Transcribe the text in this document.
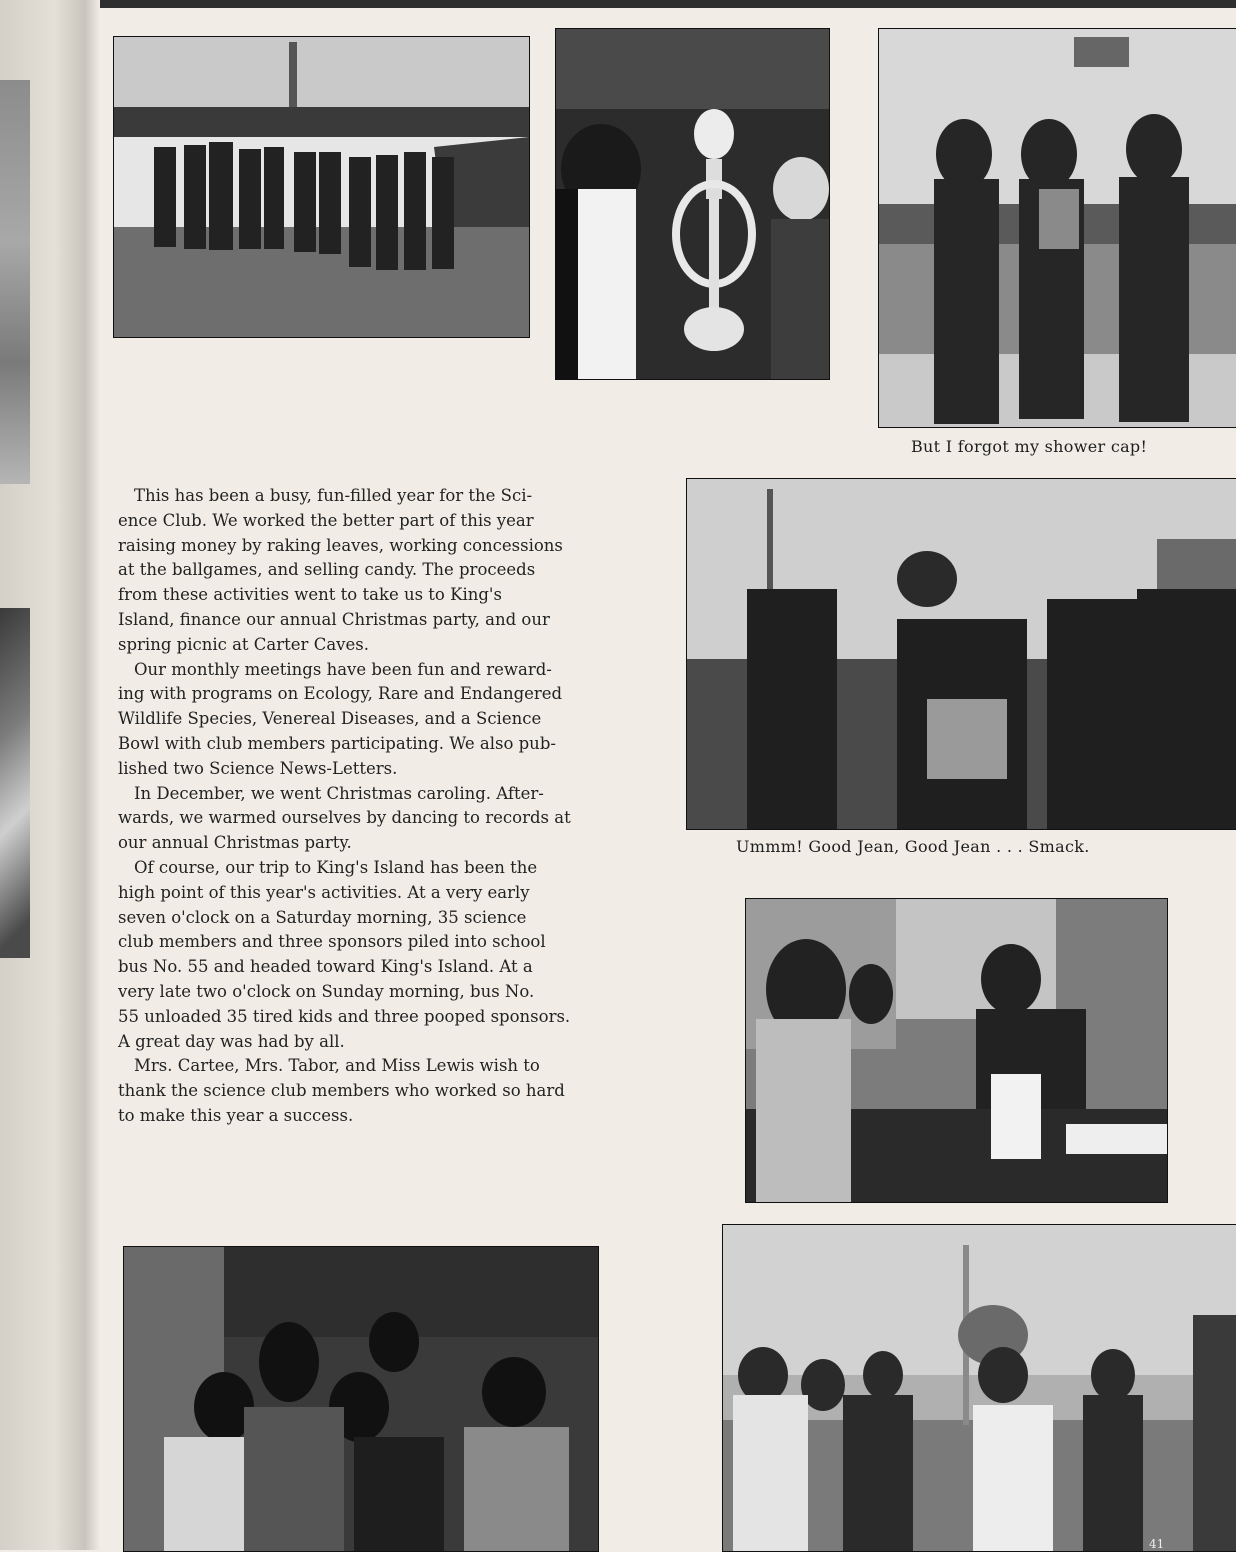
But I forgot my shower cap!
Ummm! Good Jean, Good Jean . . . Smack.
41
This has been a busy, fun-filled year for the Sci-
ence Club. We worked the better part of this year
raising money by raking leaves, working concessions
at the ballgames, and selling candy. The proceeds
from these activities went to take us to King's
Island, finance our annual Christmas party, and our
spring picnic at Carter Caves.
Our monthly meetings have been fun and reward-
ing with programs on Ecology, Rare and Endangered
Wildlife Species, Venereal Diseases, and a Science
Bowl with club members participating. We also pub-
lished two Science News-Letters.
In December, we went Christmas caroling. After-
wards, we warmed ourselves by dancing to records at
our annual Christmas party.
Of course, our trip to King's Island has been the
high point of this year's activities. At a very early
seven o'clock on a Saturday morning, 35 science
club members and three sponsors piled into school
bus No. 55 and headed toward King's Island. At a
very late two o'clock on Sunday morning, bus No.
55 unloaded 35 tired kids and three pooped sponsors.
A great day was had by all.
Mrs. Cartee, Mrs. Tabor, and Miss Lewis wish to
thank the science club members who worked so hard
to make this year a success.
